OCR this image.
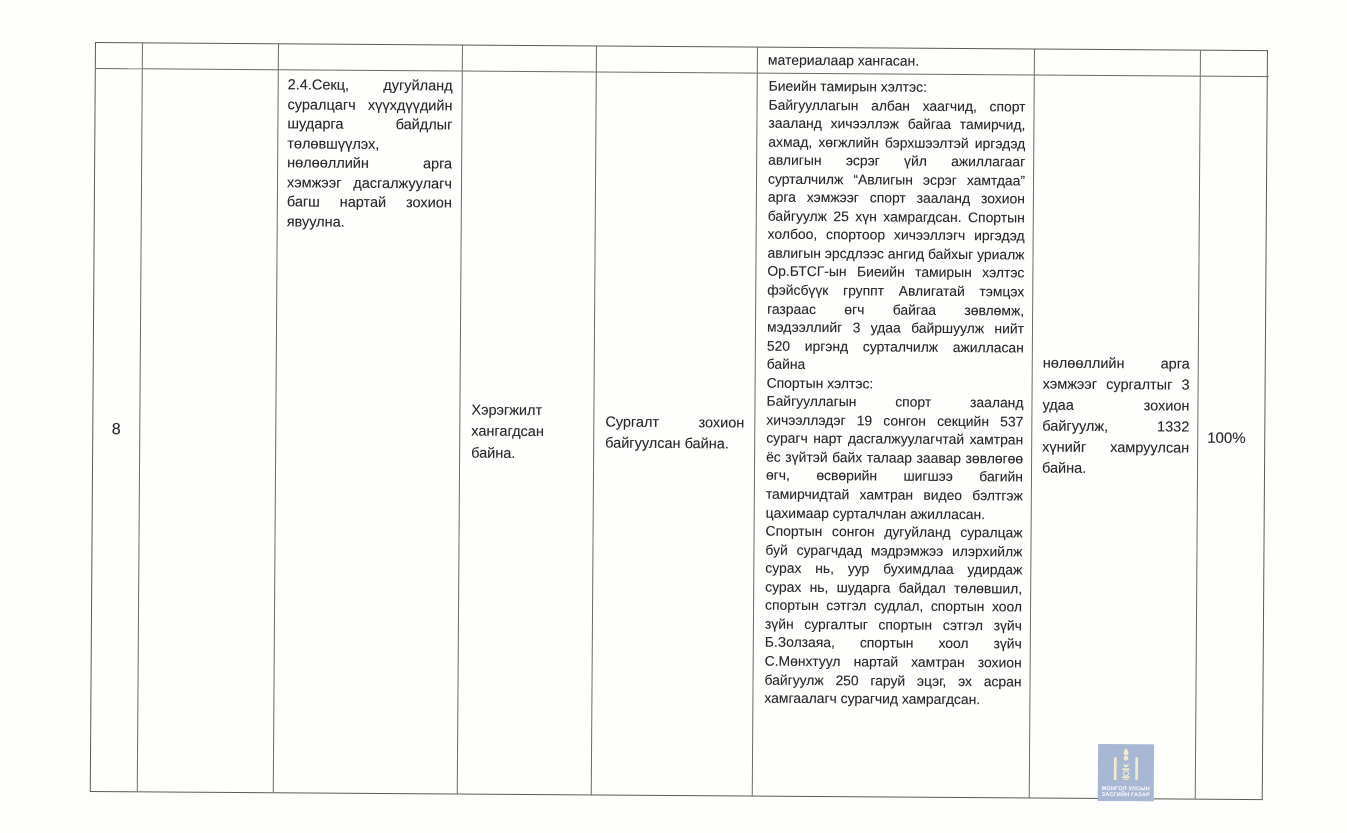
материалаар хангасан.
8
2.4.Секц, дугуйланд суралцагч хүүхдүүдийн шударга байдлыг төлөвшүүлэх, нөлөөллийн арга хэмжээг дасгалжуулагч багш нартай зохион явуулна.
Хэрэгжилт хангагдсан байна.
Сургалт зохион байгуулсан байна.

Биеийн тамирын хэлтэс:

Байгууллагын албан хаагчид, спорт зааланд хичээллэж байгаа тамирчид, ахмад, хөгжлийн бэрхшээлтэй иргэдэд авлигын эсрэг үйл ажиллагааг сурталчилж “Авлигын эсрэг хамтдаа” арга хэмжээг спорт зааланд зохион байгуулж 25 хүн хамрагдсан. Спортын холбоо, спортоор хичээллэгч иргэдэд авлигын эрсдлээс ангид байхыг уриалж Ор.БТСГ-ын Биеийн тамирын хэлтэс фэйсбүүк группт Авлигатай тэмцэх газраас өгч байгаа зөвлөмж, мэдээллийг 3 удаа байршуулж нийт 520 иргэнд сурталчилж ажилласан байна

Спортын хэлтэс:

Байгууллагын спорт зааланд хичээллэдэг 19 сонгон секцийн 537 сурагч нарт дасгалжуулагчтай хамтран ёс зүйтэй байх талаар заавар зөвлөгөө өгч, өсвөрийн шигшээ багийн тамирчидтай хамтран видео бэлтгэж цахимаар сурталчлан ажилласан.

Спортын сонгон дугуйланд суралцаж буй сурагчдад мэдрэмжээ илэрхийлж сурах нь, уур бухимдлаа удирдаж сурах нь, шударга байдал төлөвшил, спортын сэтгэл судлал, спортын хоол зүйн сургалтыг спортын сэтгэл зүйч Б.Золзаяа, спортын хоол зүйч С.Мөнхтуул нартай хамтран зохион байгуулж 250 гаруй эцэг, эх асран хамгаалагч сурагчид хамрагдсан.

нөлөөллийн арга хэмжээг сургалтыг 3 удаа зохион байгуулж, 1332 хүнийг хамруулсан байна.
100%
МОНГОЛ УЛСЫН
ЗАСГИЙН ГАЗАР
